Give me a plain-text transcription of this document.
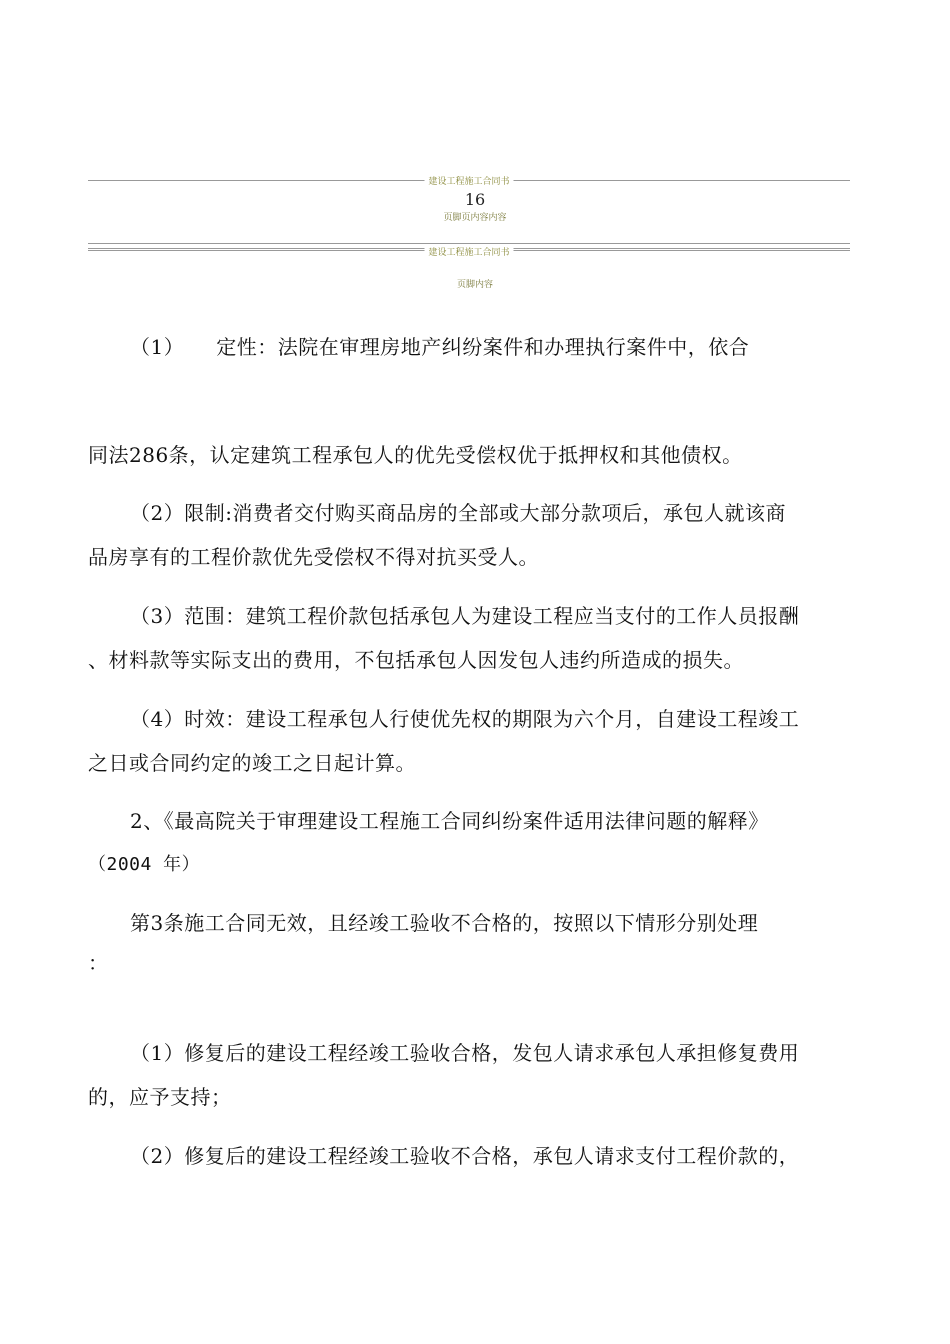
建设工程施工合同书
16
页脚页内容内容
建设工程施工合同书
页脚内容
（1） 定性：法院在审理房地产纠纷案件和办理执行案件中，依合
同法286条，认定建筑工程承包人的优先受偿权优于抵押权和其他债权。
（2）限制:消费者交付购买商品房的全部或大部分款项后，承包人就该商
品房享有的工程价款优先受偿权不得对抗买受人。
（3）范围：建筑工程价款包括承包人为建设工程应当支付的工作人员报酬
、材料款等实际支出的费用，不包括承包人因发包人违约所造成的损失。
（4）时效：建设工程承包人行使优先权的期限为六个月，自建设工程竣工
之日或合同约定的竣工之日起计算。
2、《最高院关于审理建设工程施工合同纠纷案件适用法律问题的解释》
（2004 年）
第3条施工合同无效，且经竣工验收不合格的，按照以下情形分别处理
：
（1）修复后的建设工程经竣工验收合格，发包人请求承包人承担修复费用
的，应予支持；
（2）修复后的建设工程经竣工验收不合格，承包人请求支付工程价款的，
